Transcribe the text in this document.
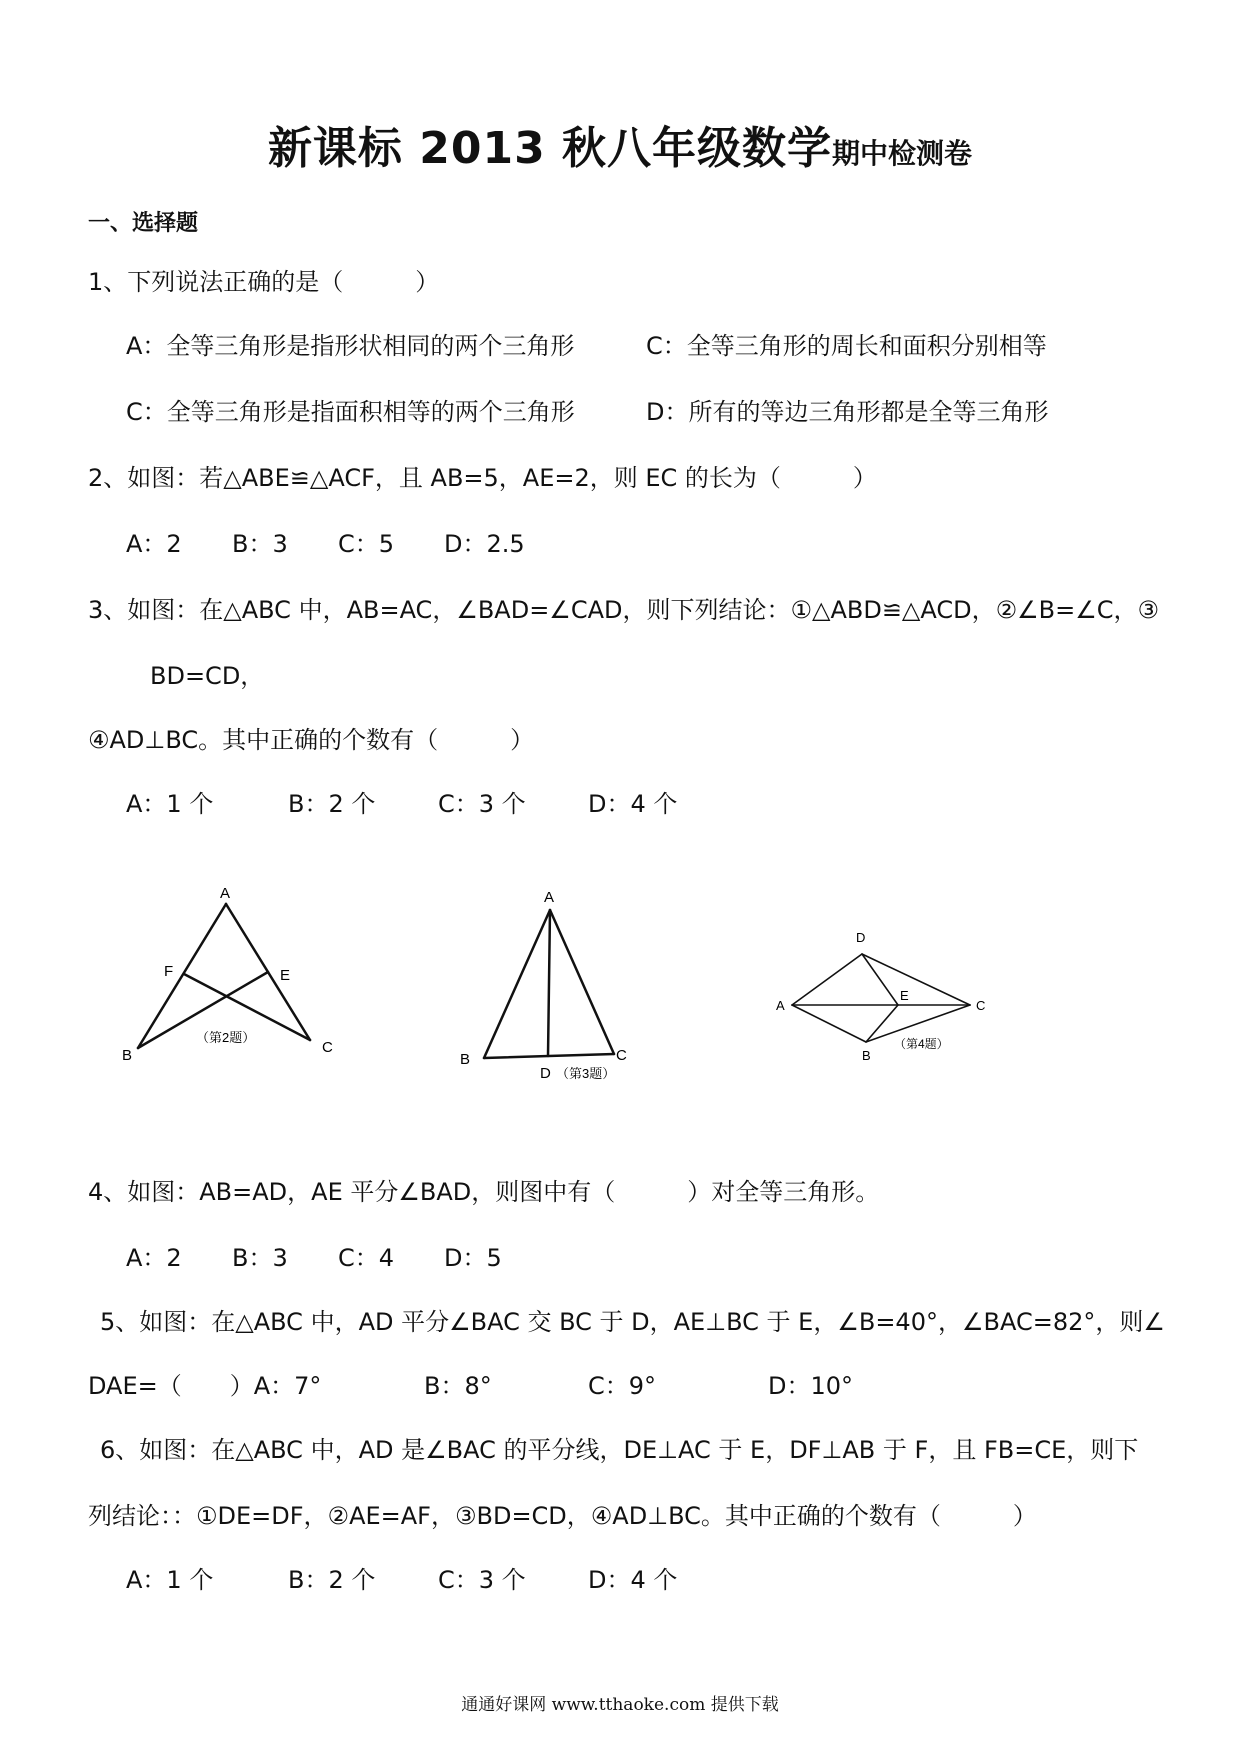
新课标 2013 秋八年级数学期中检测卷
一、选择题
1、下列说法正确的是（　　　）
A：全等三角形是指形状相同的两个三角形	C：全等三角形的周长和面积分别相等
C：全等三角形是指面积相等的两个三角形	D：所有的等边三角形都是全等三角形
2、如图：若△ABE≌△ACF，且 AB=5，AE=2，则 EC 的长为（　　　）
A：2 B：3 C：5 D：2.5
3、如图：在△ABC 中，AB=AC，∠BAD=∠CAD，则下列结论：①△ABD≌△ACD，②∠B=∠C，③
BD=CD，
④AD⊥BC。其中正确的个数有（　　　）
A：1 个	B：2 个	C：3 个	D：4 个
A
F	E
B	C
（第2题）
A
B	C
D （第3题）
D
A
E
C
B
（第4题）
4、如图：AB=AD，AE 平分∠BAD，则图中有（　　　）对全等三角形。
A：2 B：3 C：4 D：5
5、如图：在△ABC 中，AD 平分∠BAC 交 BC 于 D，AE⊥BC 于 E，∠B=40°，∠BAC=82°，则∠
DAE=（　　）A：7°	B：8°	C：9°	D：10°
6、如图：在△ABC 中，AD 是∠BAC 的平分线，DE⊥AC 于 E，DF⊥AB 于 F，且 FB=CE，则下
列结论：：①DE=DF，②AE=AF，③BD=CD，④AD⊥BC。其中正确的个数有（　　　）
A：1 个	B：2 个	C：3 个	D：4 个
通通好课网 www.tthaoke.com 提供下载
